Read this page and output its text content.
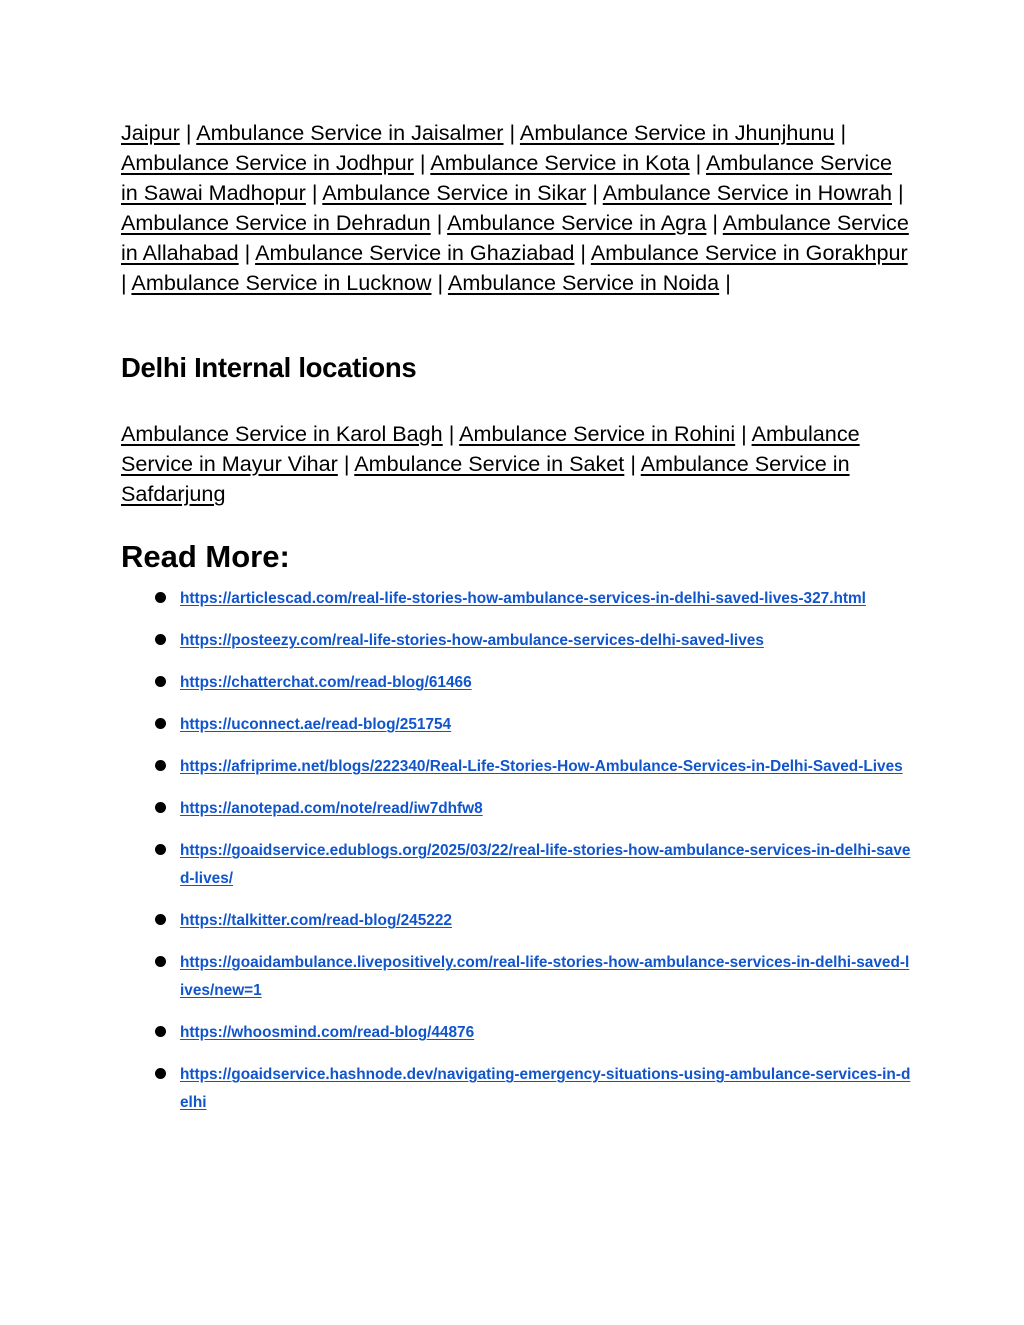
Jaipur | Ambulance Service in Jaisalmer | Ambulance Service in Jhunjhunu | Ambulance Service in Jodhpur | Ambulance Service in Kota | Ambulance Service in Sawai Madhopur | Ambulance Service in Sikar | Ambulance Service in Howrah | Ambulance Service in Dehradun | Ambulance Service in Agra | Ambulance Service in Allahabad | Ambulance Service in Ghaziabad | Ambulance Service in Gorakhpur | Ambulance Service in Lucknow | Ambulance Service in Noida |

Delhi Internal locations

Ambulance Service in Karol Bagh | Ambulance Service in Rohini | Ambulance Service in Mayur Vihar | Ambulance Service in Saket | Ambulance Service in Safdarjung

Read More:
https://articlescad.com/real-life-stories-how-ambulance-services-in-delhi-saved-lives-327.html
https://posteezy.com/real-life-stories-how-ambulance-services-delhi-saved-lives
https://chatterchat.com/read-blog/61466
https://uconnect.ae/read-blog/251754
https://afriprime.net/blogs/222340/Real-Life-Stories-How-Ambulance-Services-in-Delhi-Saved-Lives
https://anotepad.com/note/read/iw7dhfw8
https://goaidservice.edublogs.org/2025/03/22/real-life-stories-how-ambulance-services-in-delhi-saved-lives/
https://talkitter.com/read-blog/245222
https://goaidambulance.livepositively.com/real-life-stories-how-ambulance-services-in-delhi-saved-lives/new=1
https://whoosmind.com/read-blog/44876
https://goaidservice.hashnode.dev/navigating-emergency-situations-using-ambulance-services-in-delhi
